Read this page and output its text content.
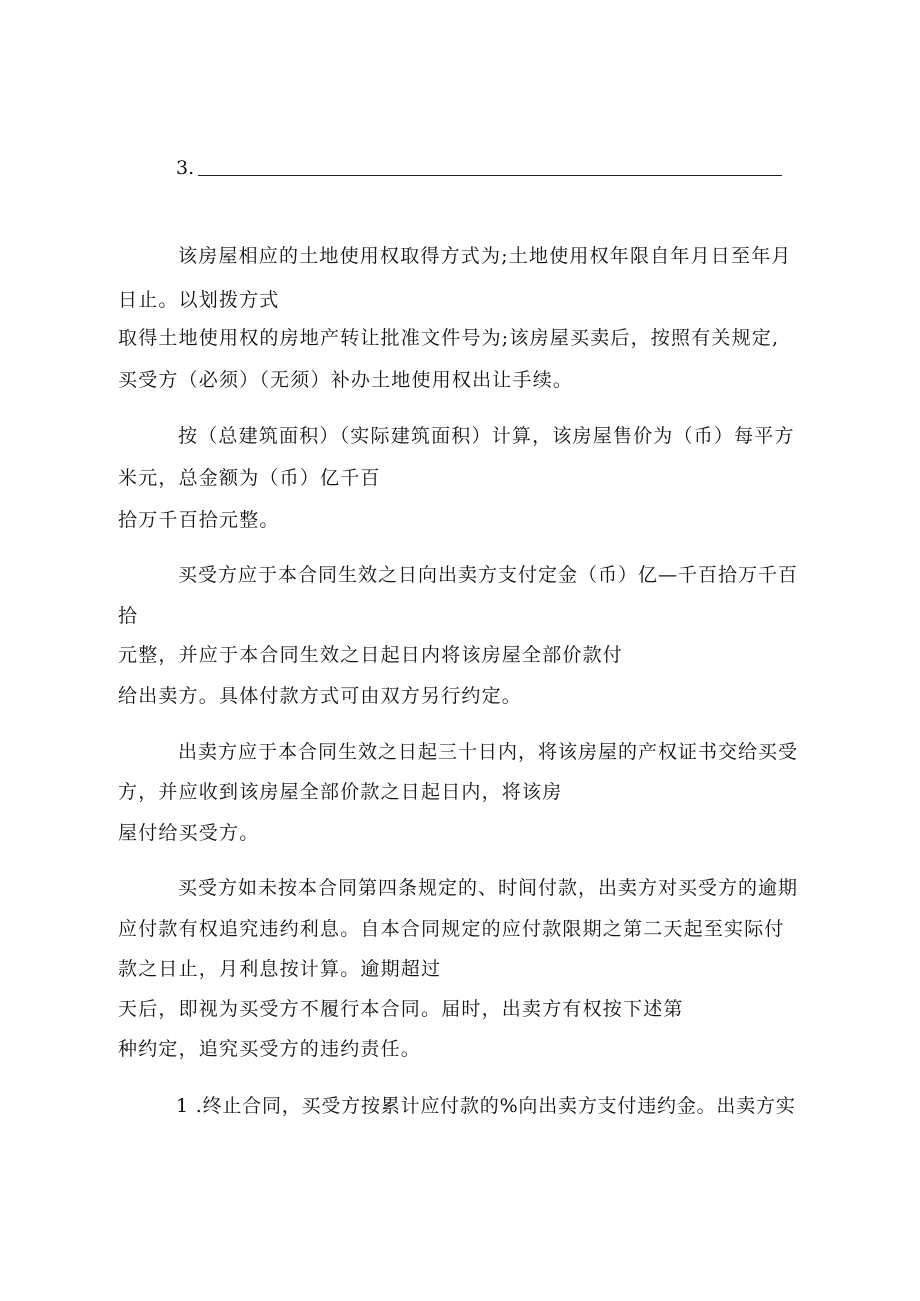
3.
该房屋相应的土地使用权取得方式为;土地使用权年限自年月日至年月
日止。以划拨方式
取得土地使用权的房地产转让批准文件号为;该房屋买卖后，按照有关规定,
买受方（必须）（无须）补办土地使用权出让手续。
按（总建筑面积）（实际建筑面积）计算，该房屋售价为（币）每平方
米元，总金额为（币）亿千百
拾万千百拾元整。
买受方应于本合同生效之日向出卖方支付定金（币）亿—千百拾万千百
拾
元整，并应于本合同生效之日起日内将该房屋全部价款付
给出卖方。具体付款方式可由双方另行约定。
出卖方应于本合同生效之日起三十日内，将该房屋的产权证书交给买受
方，并应收到该房屋全部价款之日起日内，将该房
屋付给买受方。
买受方如未按本合同第四条规定的、时间付款，出卖方对买受方的逾期
应付款有权追究违约利息。自本合同规定的应付款限期之第二天起至实际付
款之日止，月利息按计算。逾期超过
天后，即视为买受方不履行本合同。届时，出卖方有权按下述第
种约定，追究买受方的违约责任。
1 .终止合同，买受方按累计应付款的%向出卖方支付违约金。出卖方实
